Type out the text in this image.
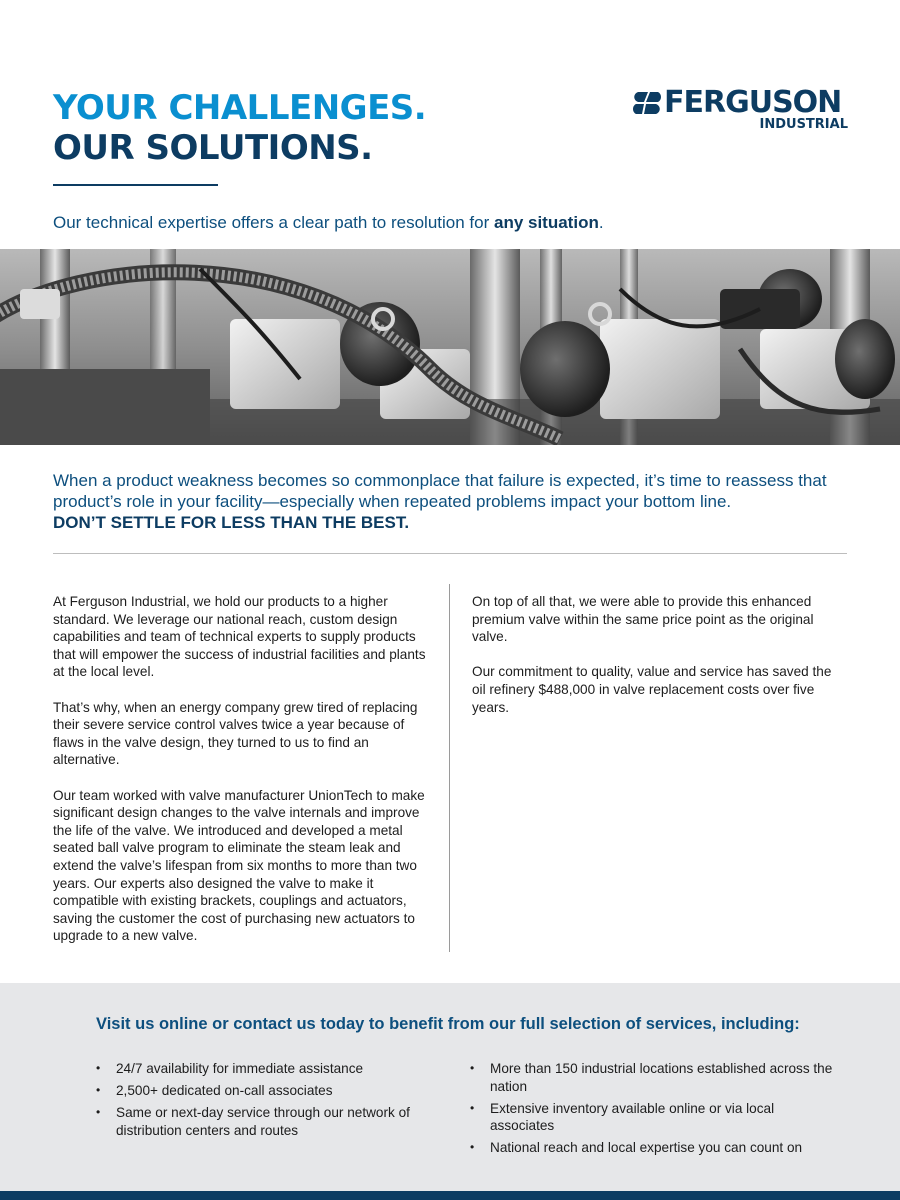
YOUR CHALLENGES.
OUR SOLUTIONS.
FERGUSON
INDUSTRIAL

Our technical expertise offers a clear path to resolution for any situation.

When a product weakness becomes so commonplace that failure is expected, it’s time to reassess that product’s role in your facility—especially when repeated problems impact your bottom line.
DON’T SETTLE FOR LESS THAN THE BEST.

At Ferguson Industrial, we hold our products to a higher standard. We leverage our national reach, custom design capabilities and team of technical experts to supply products that will empower the success of industrial facilities and plants at the local level.

That’s why, when an energy company grew tired of replacing their severe service control valves twice a year because of flaws in the valve design, they turned to us to find an alternative.

Our team worked with valve manufacturer UnionTech to make significant design changes to the valve internals and improve the life of the valve. We introduced and developed a metal seated ball valve program to eliminate the steam leak and extend the valve’s lifespan from six months to more than two years. Our experts also designed the valve to make it compatible with existing brackets, couplings and actuators, saving the customer the cost of purchasing new actuators to upgrade to a new valve.

On top of all that, we were able to provide this enhanced premium valve within the same price point as the original valve.

Our commitment to quality, value and service has saved the oil refinery $488,000 in valve replacement costs over five years.

Visit us online or contact us today to benefit from our full selection of services, including:
• 24/7 availability for immediate assistance
• 2,500+ dedicated on-call associates
• Same or next-day service through our network of distribution centers and routes
• More than 150 industrial locations established across the nation
• Extensive inventory available online or via local associates
• National reach and local expertise you can count on
